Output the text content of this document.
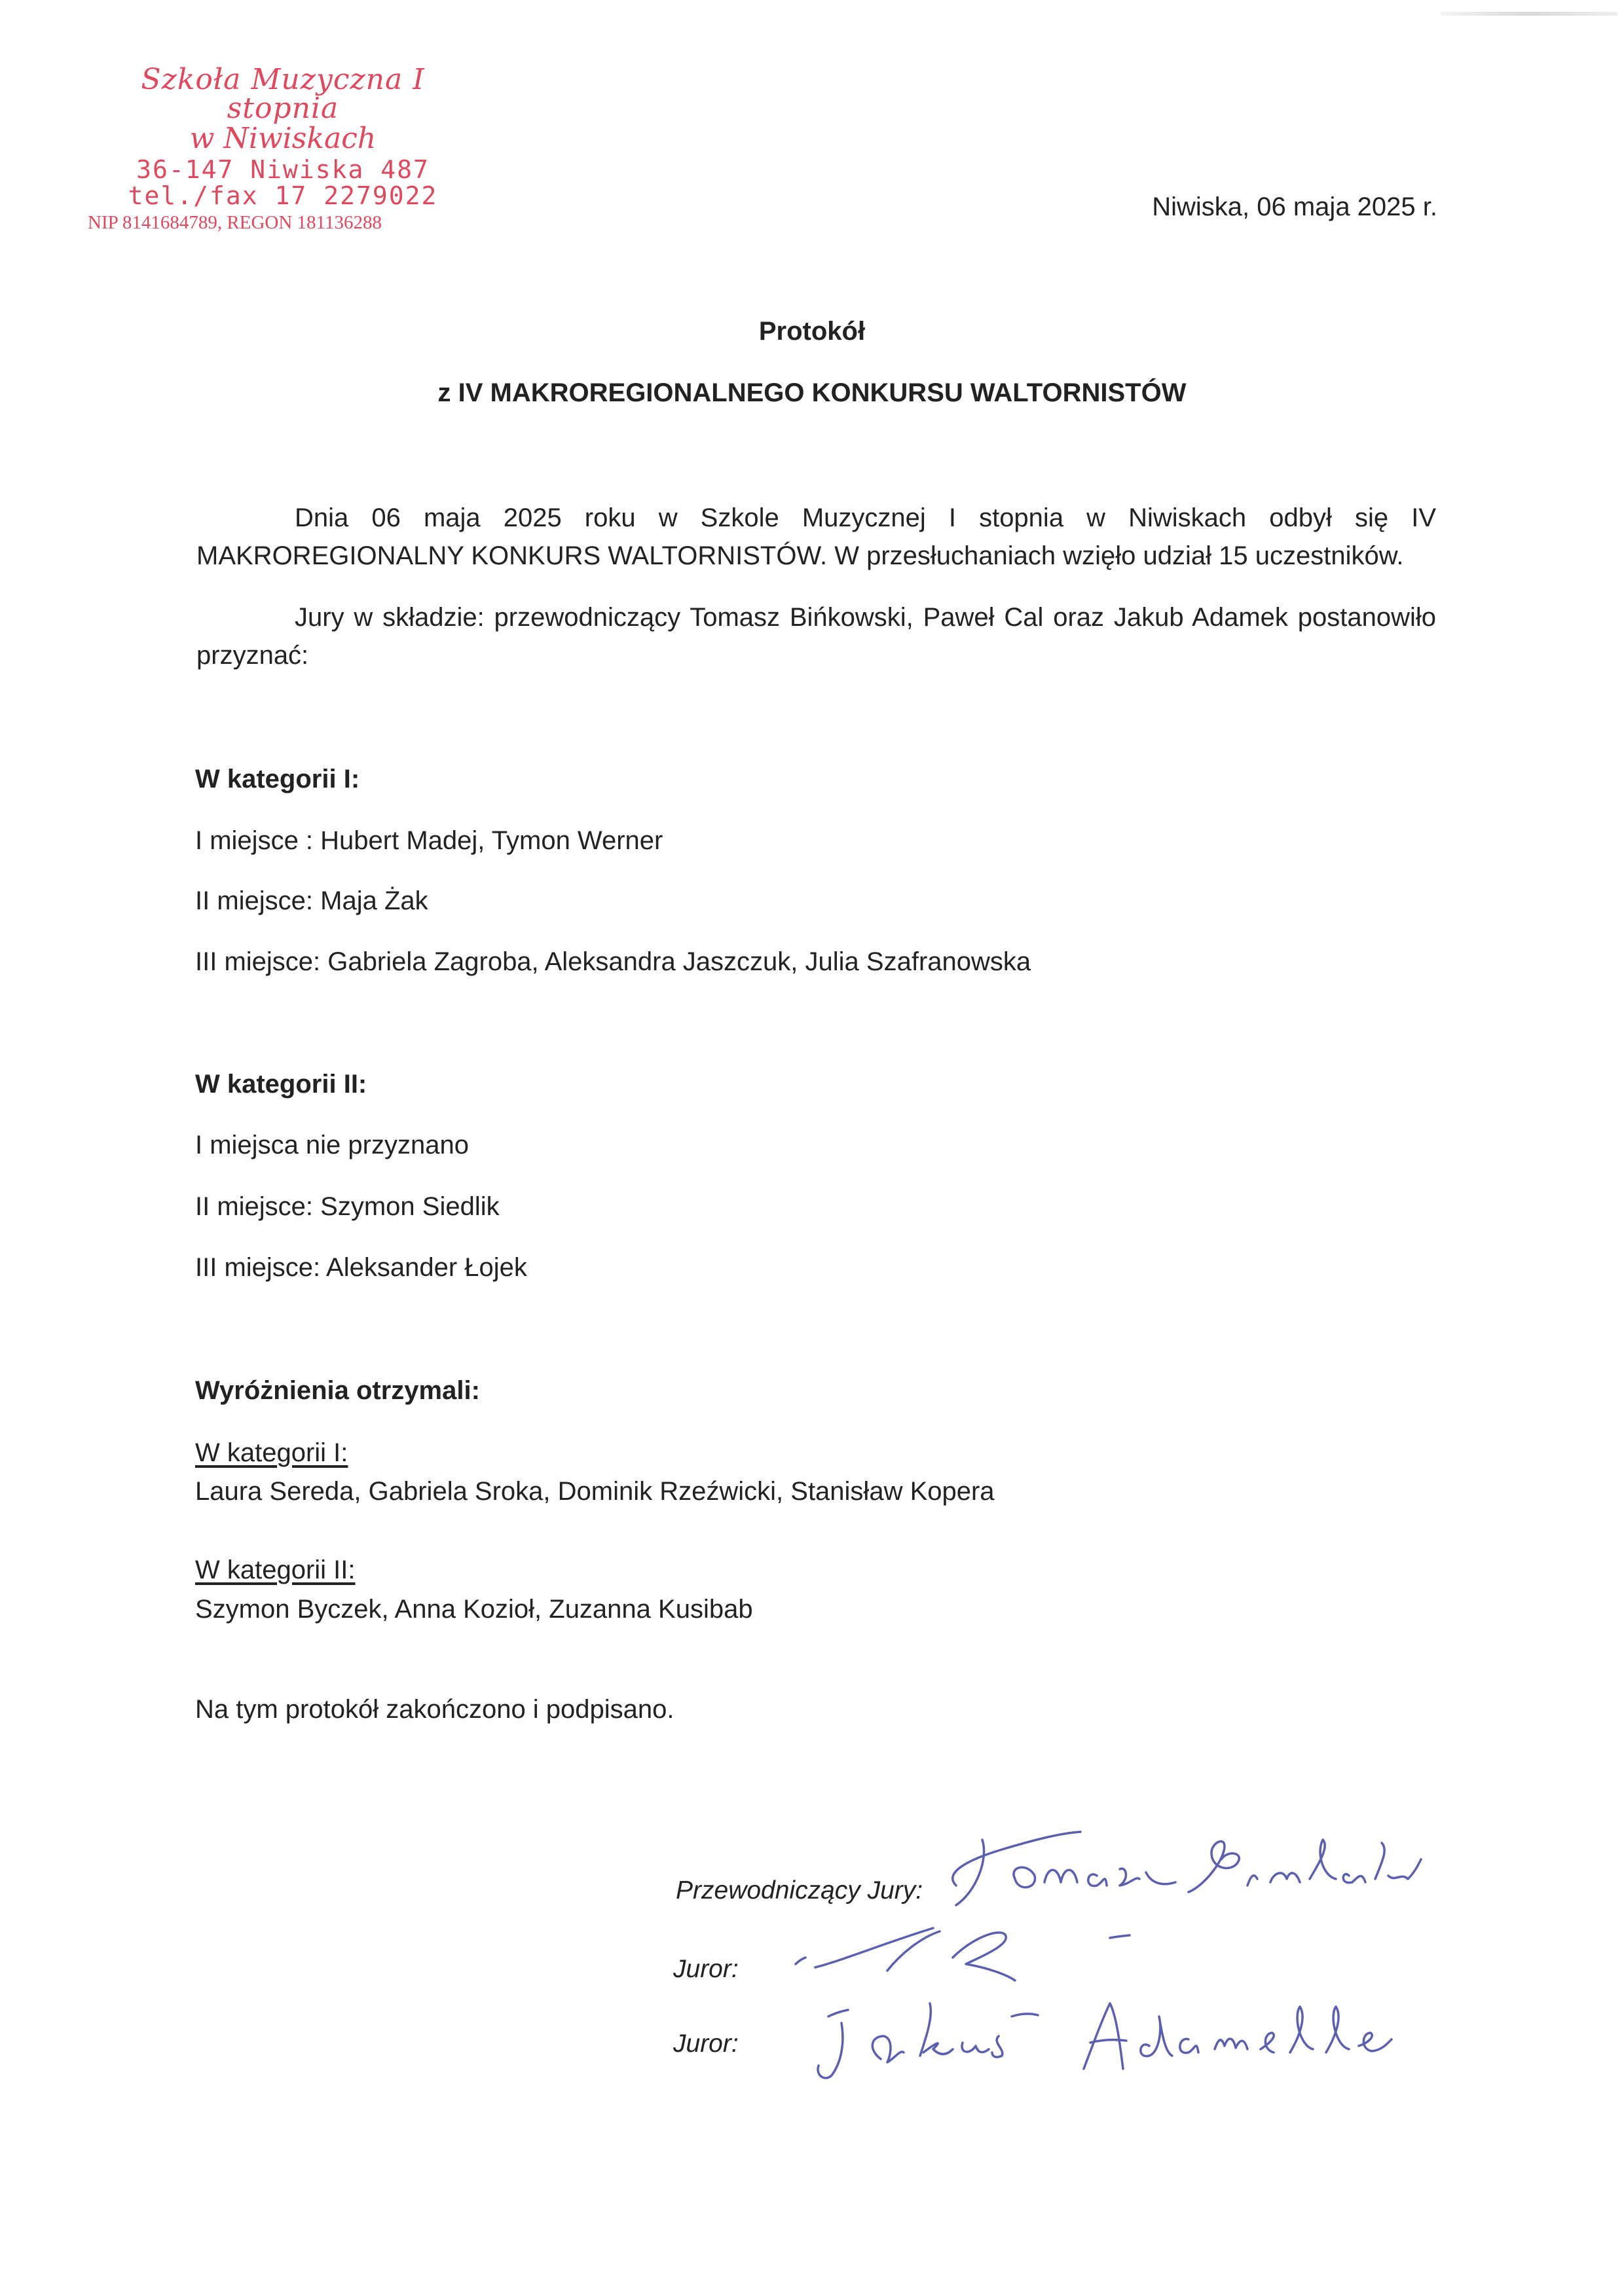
Szkoła Muzyczna I stopnia
w Niwiskach
36-147 Niwiska 487
tel./fax 17 2279022
NIP 8141684789, REGON 181136288
Niwiska, 06 maja 2025 r.
Protokół
z IV MAKROREGIONALNEGO KONKURSU WALTORNISTÓW
Dnia 06 maja 2025 roku w Szkole Muzycznej I stopnia w Niwiskach odbył się IV MAKROREGIONALNY KONKURS WALTORNISTÓW. W przesłuchaniach wzięło udział 15 uczestników.
Jury w składzie: przewodniczący Tomasz Bińkowski, Paweł Cal oraz Jakub Adamek postanowiło przyznać:
W kategorii I:
I miejsce : Hubert Madej, Tymon Werner
II miejsce: Maja Żak
III miejsce: Gabriela Zagroba, Aleksandra Jaszczuk, Julia Szafranowska
W kategorii II:
I miejsca nie przyznano
II miejsce: Szymon Siedlik
III miejsce: Aleksander Łojek
Wyróżnienia otrzymali:
W kategorii I:
Laura Sereda, Gabriela Sroka, Dominik Rzeźwicki, Stanisław Kopera
W kategorii II:
Szymon Byczek, Anna Kozioł, Zuzanna Kusibab
Na tym protokół zakończono i podpisano.
Przewodniczący Jury:
Juror:
Juror:
